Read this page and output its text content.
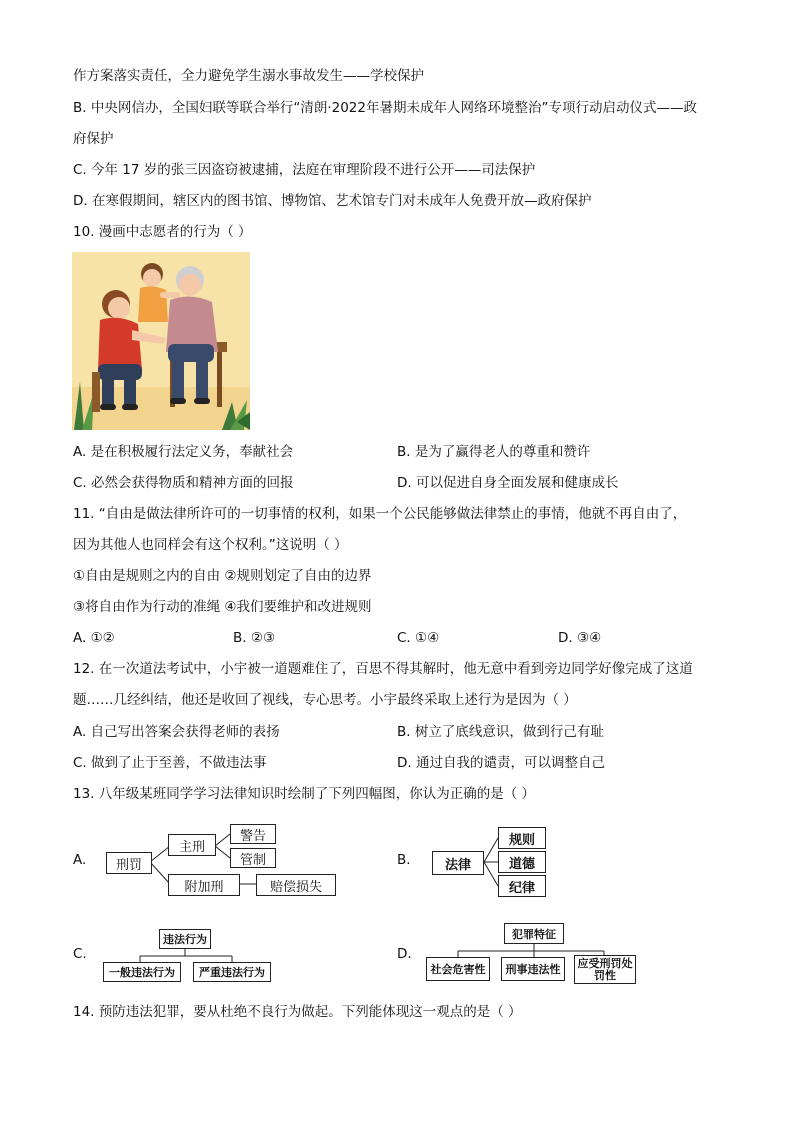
作方案落实责任，全力避免学生溺水事故发生——学校保护
B. 中央网信办，全国妇联等联合举行“清朗·2022年暑期未成年人网络环境整治”专项行动启动仪式——政
府保护
C. 今年 17 岁的张三因盗窃被逮捕，法庭在审理阶段不进行公开——司法保护
D. 在寒假期间，辖区内的图书馆、博物馆、艺术馆专门对未成年人免费开放—政府保护
10. 漫画中志愿者的行为（ ）
A. 是在积极履行法定义务，奉献社会	B. 是为了赢得老人的尊重和赞许
C. 必然会获得物质和精神方面的回报	D. 可以促进自身全面发展和健康成长
11. “自由是做法律所许可的一切事情的权利，如果一个公民能够做法律禁止的事情，他就不再自由了，
因为其他人也同样会有这个权利。”这说明（ ）
①自由是规则之内的自由 ②规则划定了自由的边界
③将自由作为行动的准绳 ④我们要维护和改进规则
A. ①②	B. ②③	C. ①④	D. ③④
12. 在一次道法考试中，小宇被一道题难住了，百思不得其解时，他无意中看到旁边同学好像完成了这道
题……几经纠结，他还是收回了视线，专心思考。小宇最终采取上述行为是因为（ ）
A. 自己写出答案会获得老师的表扬	B. 树立了底线意识，做到行己有耻
C. 做到了止于至善，不做违法事	D. 通过自我的谴责，可以调整自己
13. 八年级某班同学学习法律知识时绘制了下列四幅图，你认为正确的是（ ）
A.	刑罚
主刑
附加刑
警告
管制
赔偿损失
B.	法律
规则
道德
纪律
C.
违法行为
一般违法行为	严重违法行为
D.
犯罪特征
社会危害性	刑事违法性	应受刑罚处罚性
14. 预防违法犯罪，要从杜绝不良行为做起。下列能体现这一观点的是（ ）
